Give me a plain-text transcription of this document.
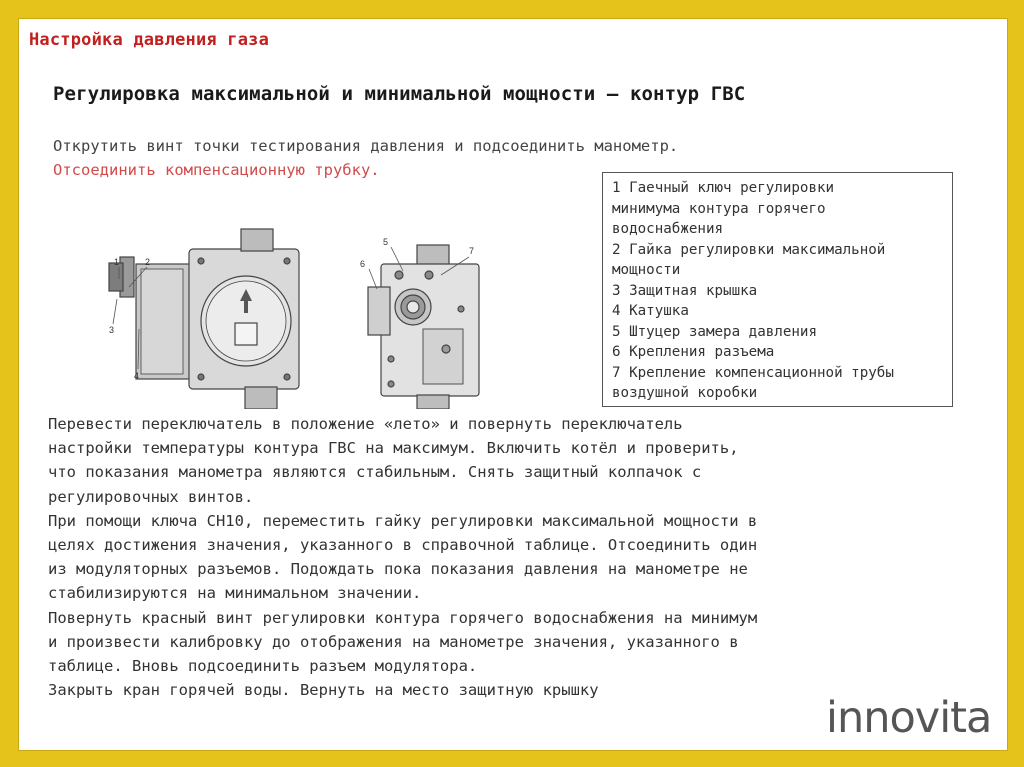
Настройка давления газа
Регулировка максимальной и минимальной мощности – контур ГВС
Открутить винт точки тестирования давления и подсоединить манометр.
Отсоединить компенсационную трубку.
1 Гаечный ключ регулировки
минимума контура горячего
водоснабжения
2 Гайка регулировки максимальной
мощности
3 Защитная крышка
4 Катушка
5 Штуцер замера давления
6 Крепления разъема
7 Крепление компенсационной трубы
воздушной коробки
1	2
3
4
5
6
7
Перевести переключатель в положение «лето» и повернуть переключатель
настройки температуры контура ГВС на максимум. Включить котёл и проверить,
что показания манометра являются стабильным. Снять защитный колпачок с
регулировочных винтов.
При помощи ключа CH10, переместить гайку регулировки максимальной мощности в
целях достижения значения, указанного в справочной таблице. Отсоединить один
из модуляторных разъемов. Подождать пока показания давления на манометре не
стабилизируются на минимальном значении.
Повернуть красный винт регулировки контура горячего водоснабжения на минимум
и произвести калибровку до отображения на манометре значения, указанного в
таблице. Вновь подсоединить разъем модулятора.
Закрыть кран горячей воды. Вернуть на место защитную крышку
innovita
